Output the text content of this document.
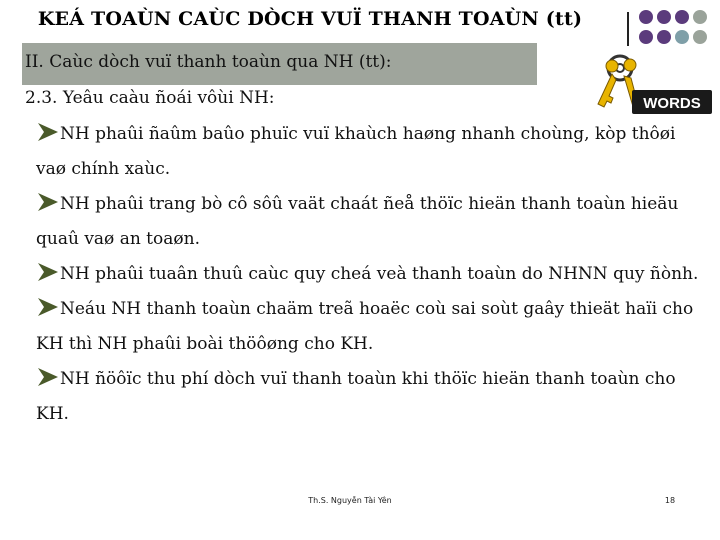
KEÁ TOAÙN CAÙC DÒCH VUÏ THANH TOAÙN (tt)
II. Caùc dòch vuï thanh toaùn qua NH (tt):
2.3. Yeâu caàu ñoái vôùi NH:	WORDS
NH phaûi ñaûm baûo phuïc vuï khaùch haøng nhanh choùng, kòp thôøi vaø chính xaùc.
NH phaûi trang bò cô sôû vaät chaát ñeå thöïc hieän thanh toaùn hieäu quaû vaø an toaøn.
NH phaûi tuaân thuû caùc quy cheá veà thanh toaùn do NHNN quy ñònh.
Neáu NH thanh toaùn chaäm treã hoaëc coù sai soùt gaây thieät haïi cho KH thì NH phaûi boài thöôøng cho KH.
NH ñöôïc thu phí dòch vuï thanh toaùn khi thöïc hieän thanh toaùn cho KH.
Th.S. Nguyễn Tài Yên	18
